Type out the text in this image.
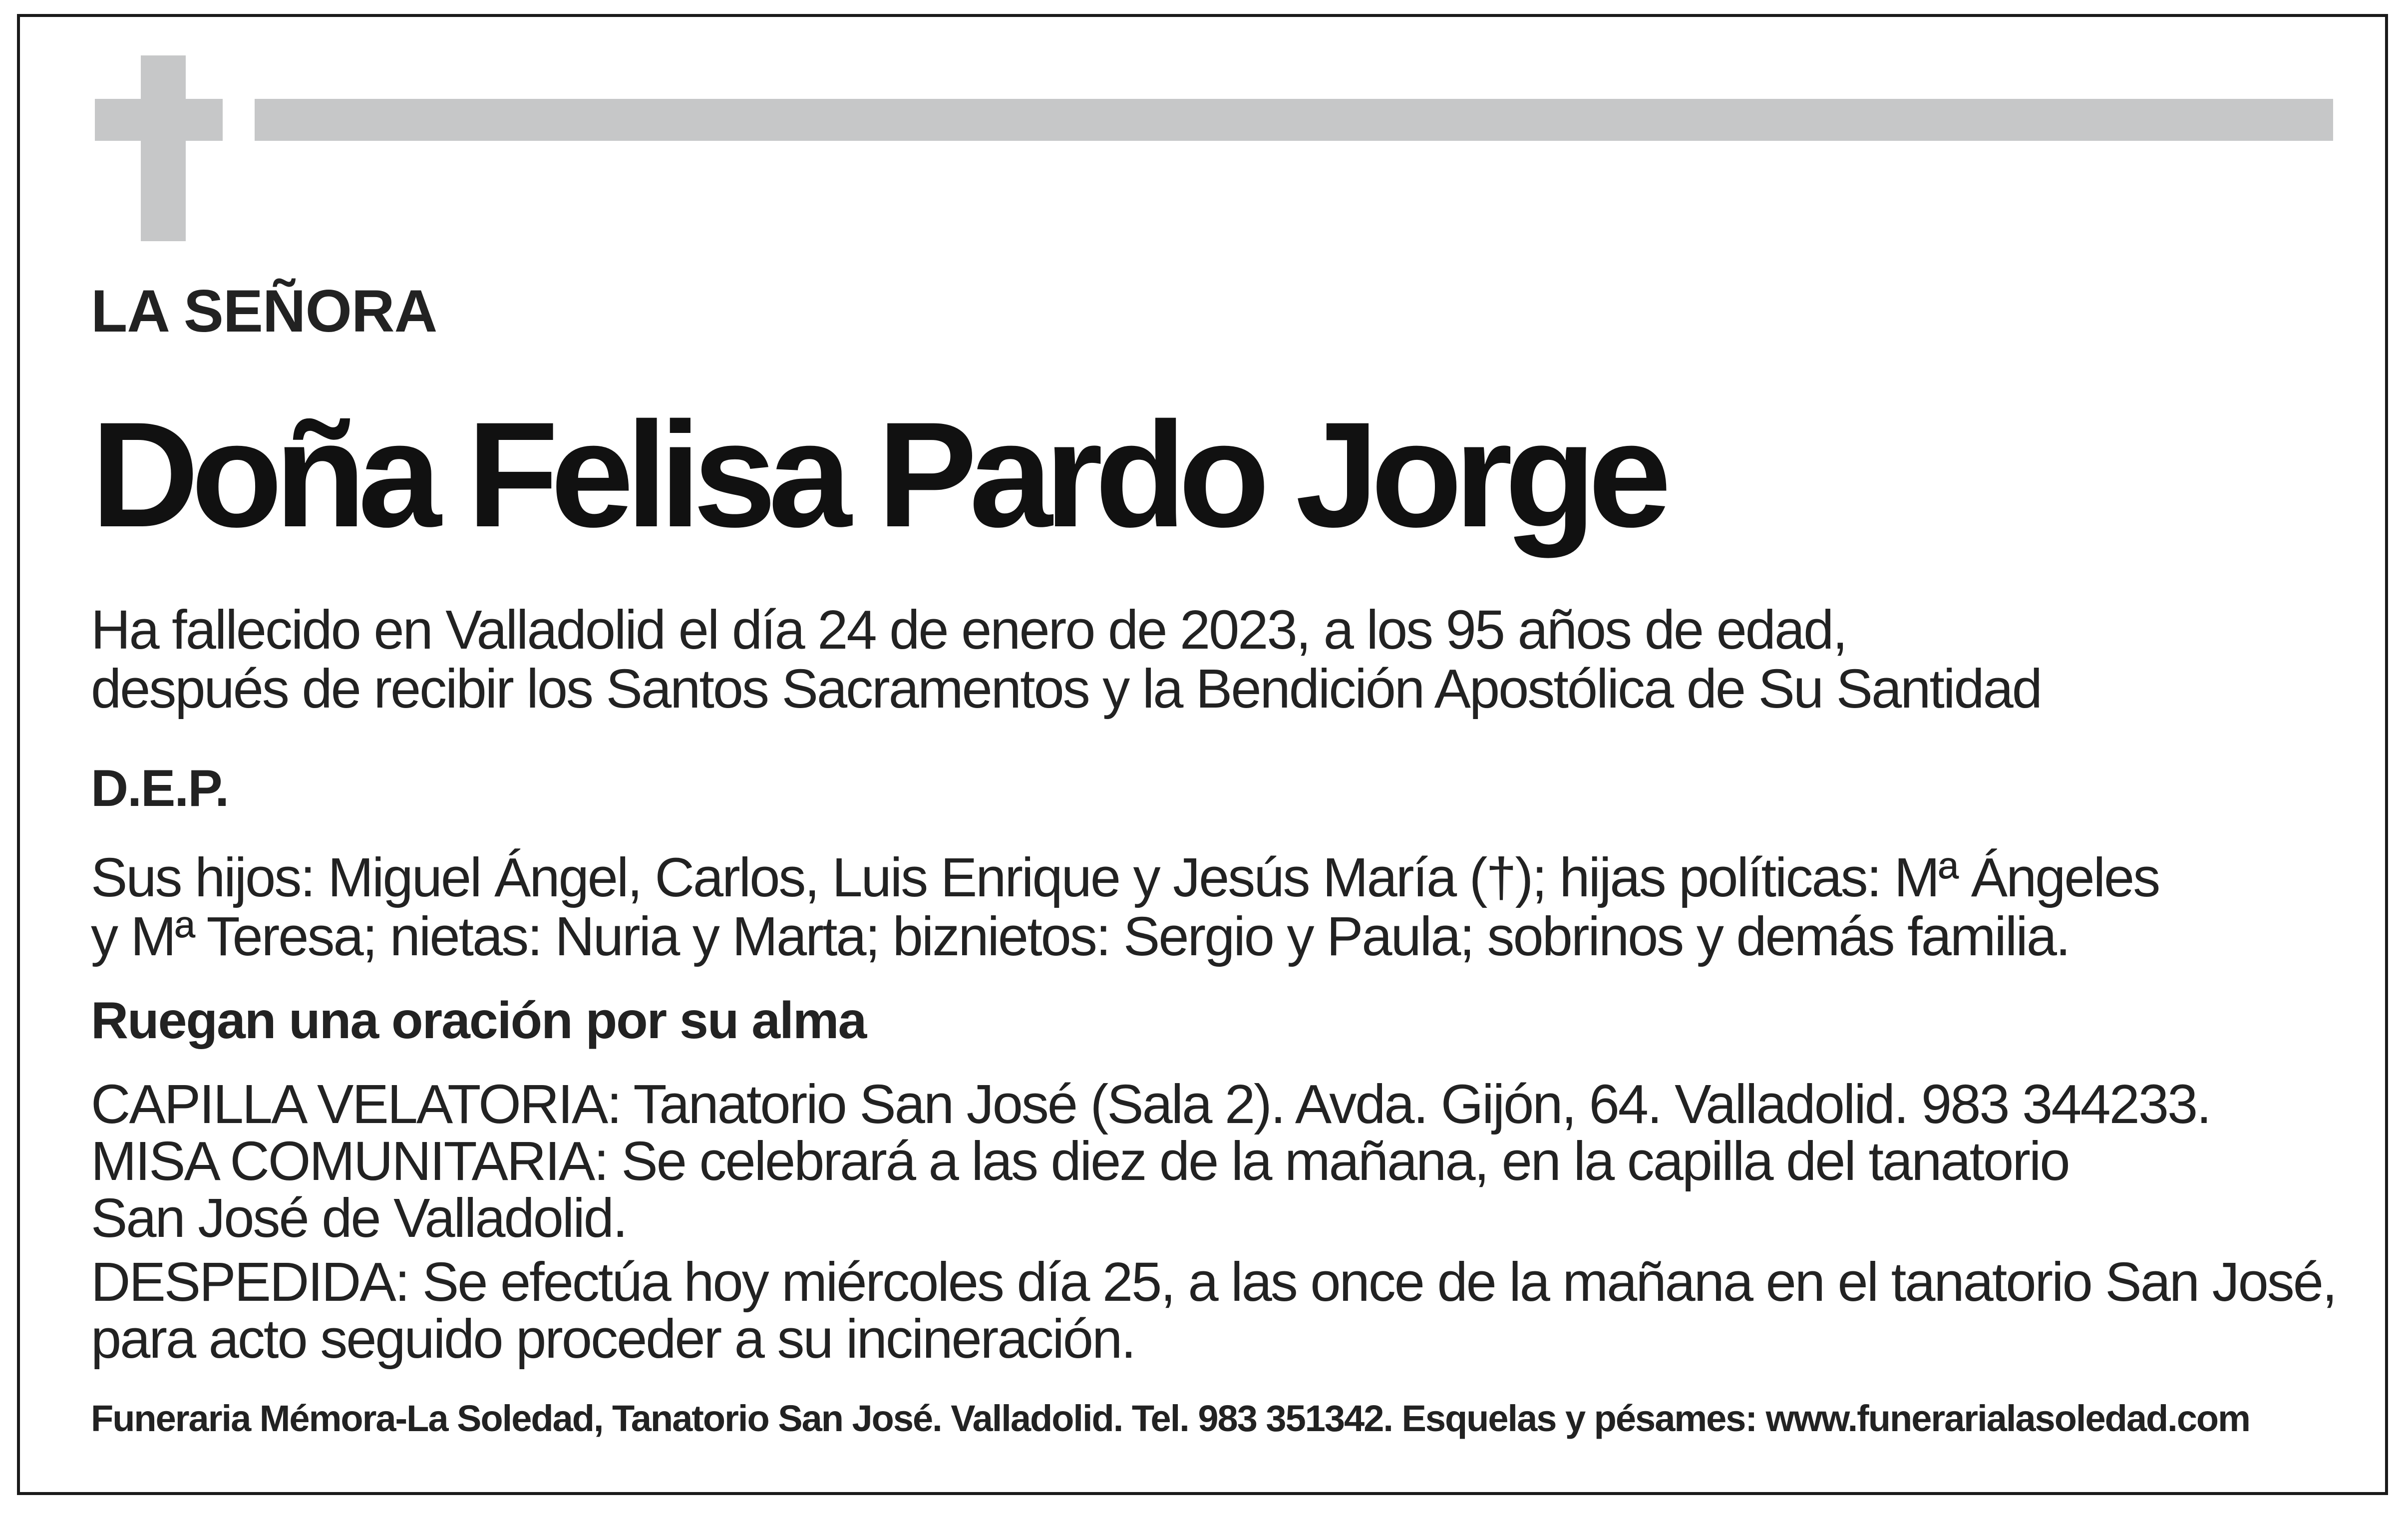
LA SEÑORA
Doña Felisa Pardo Jorge
Ha fallecido en Valladolid el día 24 de enero de 2023, a los 95 años de edad,
después de recibir los Santos Sacramentos y la Bendición Apostólica de Su Santidad
D.E.P.
Sus hijos: Miguel Ángel, Carlos, Luis Enrique y Jesús María (†); hijas políticas: Mª Ángeles
y Mª Teresa; nietas: Nuria y Marta; biznietos: Sergio y Paula; sobrinos y demás familia.
Ruegan una oración por su alma
CAPILLA VELATORIA: Tanatorio San José (Sala 2). Avda. Gijón, 64. Valladolid. 983 344233.
MISA COMUNITARIA: Se celebrará a las diez de la mañana, en la capilla del tanatorio
San José de Valladolid.
DESPEDIDA: Se efectúa hoy miércoles día 25, a las once de la mañana en el tanatorio San José,
para acto seguido proceder a su incineración.
Funeraria Mémora-La Soledad, Tanatorio San José. Valladolid. Tel. 983 351342. Esquelas y pésames: www.funerarialasoledad.com
